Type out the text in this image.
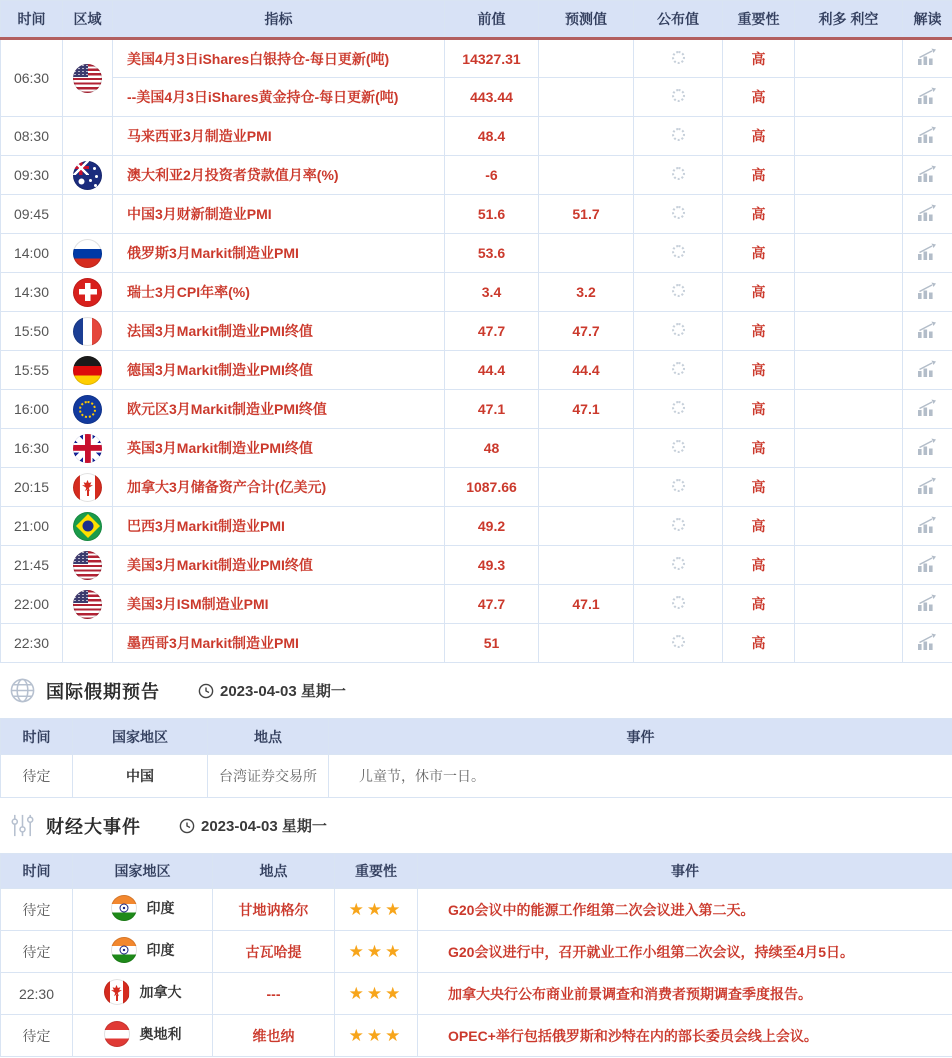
时间	区域	指标	前值	预测值	公布值	重要性	利多 利空	解读
06:30		美国4月3日iShares白银持仓-每日更新(吨)	14327.31			高		
		--美国4月3日iShares黄金持仓-每日更新(吨)	443.44			高		
08:30		马来西亚3月制造业PMI	48.4			高		
09:30		澳大利亚2月投资者贷款值月率(%)	-6			高		
09:45		中国3月财新制造业PMI	51.6	51.7		高		
14:00		俄罗斯3月Markit制造业PMI	53.6			高		
14:30		瑞士3月CPI年率(%)	3.4	3.2		高		
15:50		法国3月Markit制造业PMI终值	47.7	47.7		高		
15:55		德国3月Markit制造业PMI终值	44.4	44.4		高		
16:00		欧元区3月Markit制造业PMI终值	47.1	47.1		高		
16:30		英国3月Markit制造业PMI终值	48			高		
20:15		加拿大3月储备资产合计(亿美元)	1087.66			高		
21:00		巴西3月Markit制造业PMI	49.2			高		
21:45		美国3月Markit制造业PMI终值	49.3			高		
22:00		美国3月ISM制造业PMI	47.7	47.1		高		
22:30		墨西哥3月Markit制造业PMI	51			高		
国际假期预告	2023-04-03 星期一
时间	国家地区	地点	事件
待定	中国	台湾证券交易所	儿童节，休市一日。
财经大事件	2023-04-03 星期一
时间	国家地区	地点	重要性	事件
待定	印度	甘地讷格尔	★★★	G20会议中的能源工作组第二次会议进入第二天。
待定	印度	古瓦哈提	★★★	G20会议进行中，召开就业工作小组第二次会议，持续至4月5日。
22:30	加拿大	---	★★★	加拿大央行公布商业前景调查和消费者预期调查季度报告。
待定	奥地利	维也纳	★★★	OPEC+举行包括俄罗斯和沙特在内的部长委员会线上会议。
